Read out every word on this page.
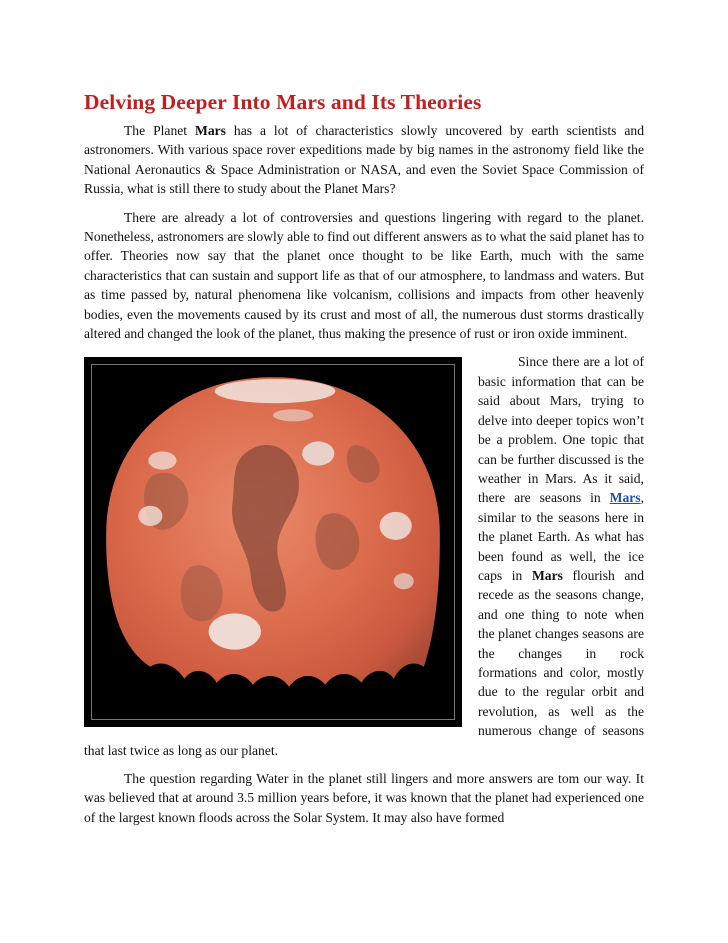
Delving Deeper Into Mars and Its Theories

The Planet Mars has a lot of characteristics slowly uncovered by earth scientists and astronomers. With various space rover expeditions made by big names in the astronomy field like the National Aeronautics & Space Administration or NASA, and even the Soviet Space Commission of Russia, what is still there to study about the Planet Mars?

There are already a lot of controversies and questions lingering with regard to the planet. Nonetheless, astronomers are slowly able to find out different answers as to what the said planet has to offer. Theories now say that the planet once thought to be like Earth, much with the same characteristics that can sustain and support life as that of our atmosphere, to landmass and waters. But as time passed by, natural phenomena like volcanism, collisions and impacts from other heavenly bodies, even the movements caused by its crust and most of all, the numerous dust storms drastically altered and changed the look of the planet, thus making the presence of rust or iron oxide imminent.

Since there are a lot of basic information that can be said about Mars, trying to delve into deeper topics won’t be a problem. One topic that can be further discussed is the weather in Mars. As it said, there are seasons in Mars, similar to the seasons here in the planet Earth. As what has been found as well, the ice caps in Mars flourish and recede as the seasons change, and one thing to note when the planet changes seasons are the changes in rock formations and color, mostly due to the regular orbit and revolution, as well as the numerous change of seasons that last twice as long as our planet.

The question regarding Water in the planet still lingers and more answers are tom our way. It was believed that at around 3.5 million years before, it was known that the planet had experienced one of the largest known floods across the Solar System. It may also have formed
